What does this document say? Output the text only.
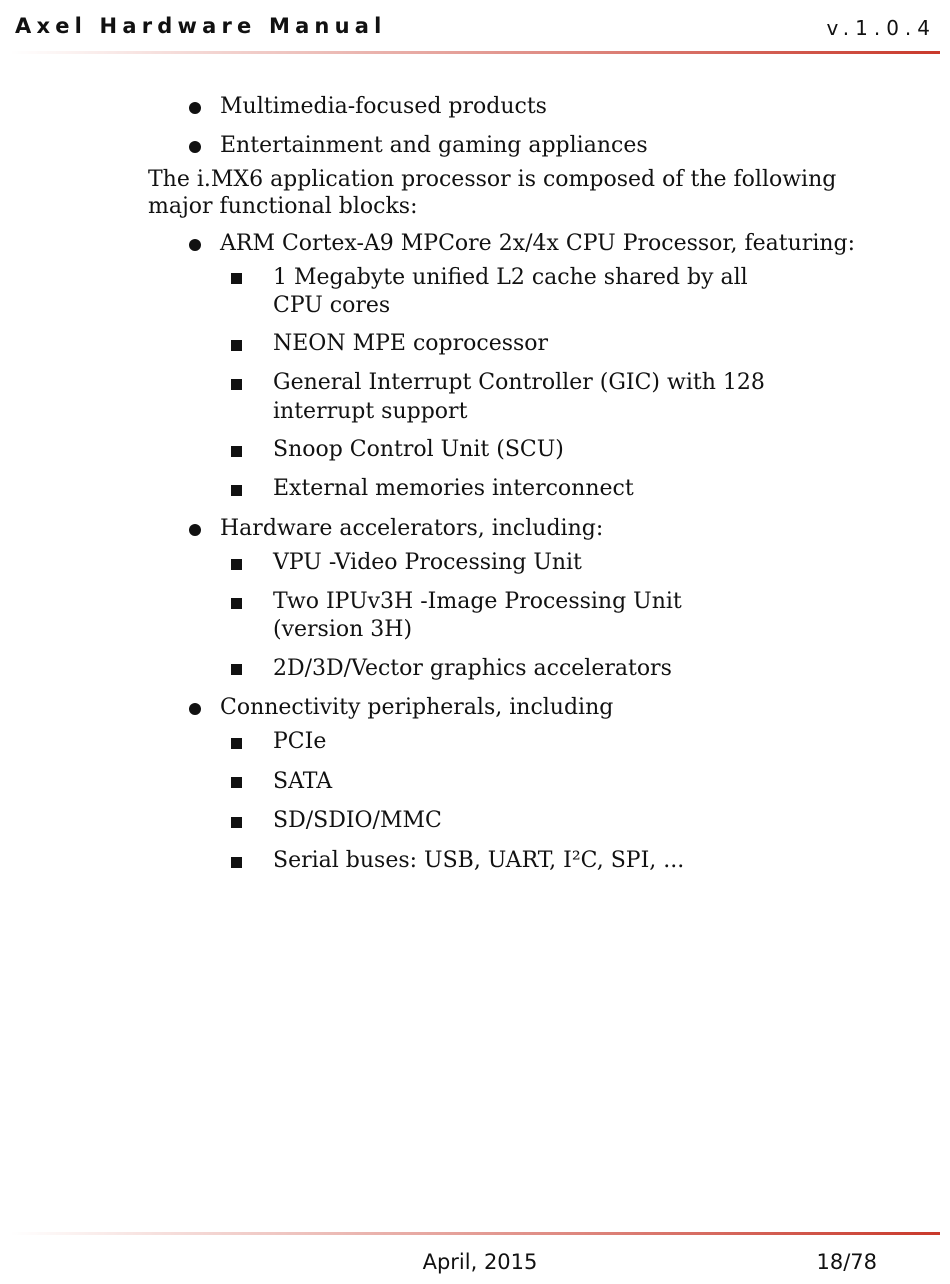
Axel Hardware Manual	v.1.0.4
Multimedia-focused products
Entertainment and gaming appliances
The i.MX6 application processor is composed of the following
major functional blocks:
ARM Cortex-A9 MPCore 2x/4x CPU Processor, featuring:
1 Megabyte unified L2 cache shared by all
CPU cores
NEON MPE coprocessor
General Interrupt Controller (GIC) with 128
interrupt support
Snoop Control Unit (SCU)
External memories interconnect
Hardware accelerators, including:
VPU -Video Processing Unit
Two IPUv3H -Image Processing Unit
(version 3H)
2D/3D/Vector graphics accelerators
Connectivity peripherals, including
PCIe
SATA
SD/SDIO/MMC
Serial buses: USB, UART, I²C, SPI, ...
April, 2015	18/78
